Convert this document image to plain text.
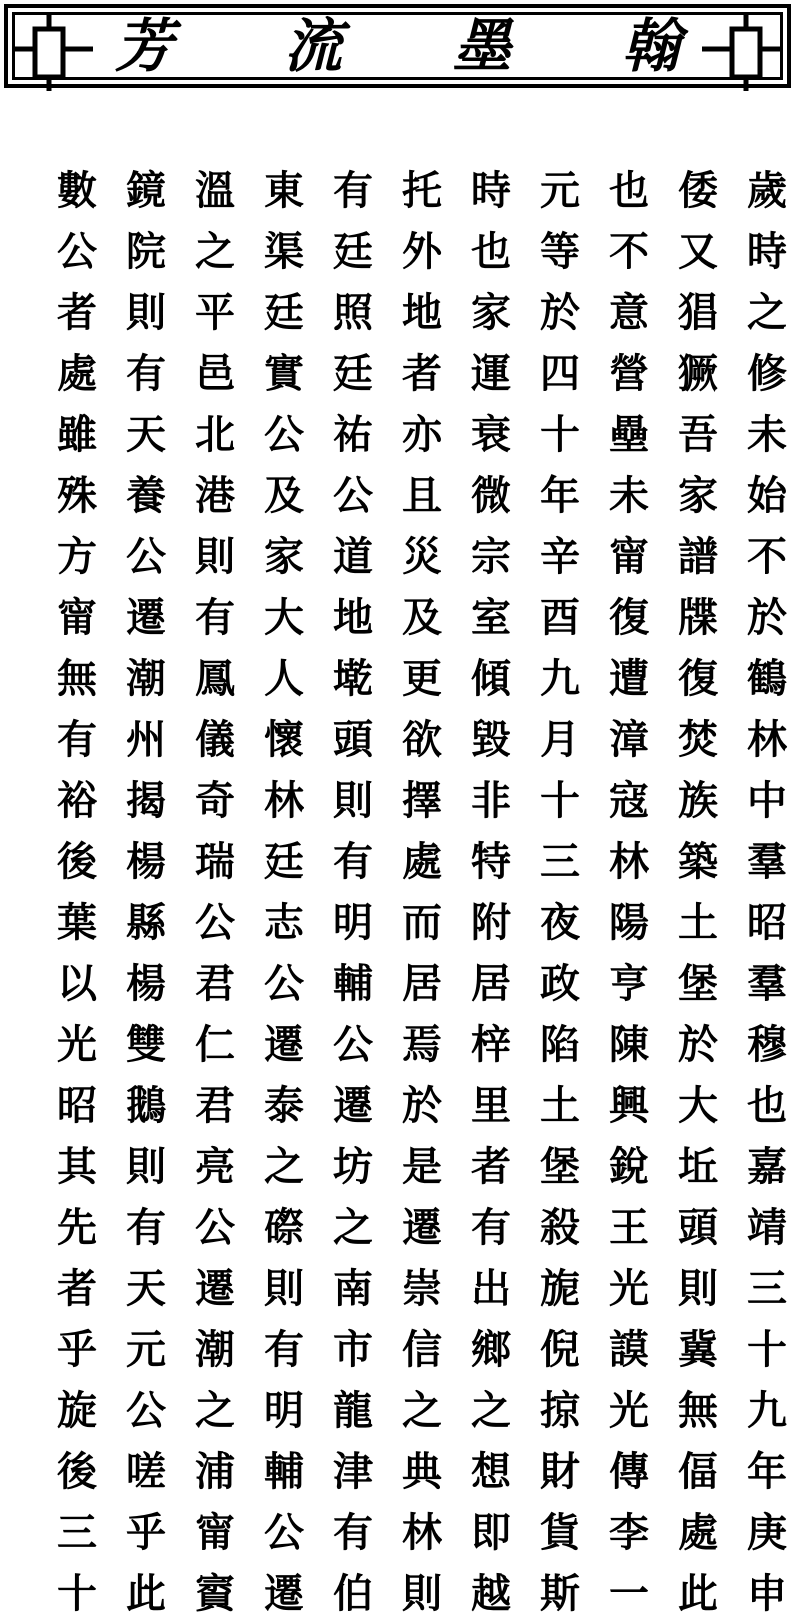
芳 流 墨 翰
歲
時
之
修
未
始
不
於
鶴
林
中
羣
昭
羣
穆
也
嘉
靖
三
十
九
年
庚
申
倭
又
猖
獗
吾
家
譜
牒
復
焚
族
築
土
堡
於
大
坵
頭
則
冀
無
偪
處
此
也
不
意
營
壘
未
甯
復
遭
漳
寇
林
陽
亨
陳
興
銳
王
光
謨
光
傳
李
一
元
等
於
四
十
年
辛
酉
九
月
十
三
夜
政
陷
土
堡
殺
旎
倪
掠
財
貨
斯
時
也
家
運
衰
微
宗
室
傾
毀
非
特
附
居
梓
里
者
有
出
鄉
之
想
即
越
托
外
地
者
亦
且
災
及
更
欲
擇
處
而
居
焉
於
是
遷
崇
信
之
典
林
則
有
廷
照
廷
祐
公
道
地
墘
頭
則
有
明
輔
公
遷
坊
之
南
市
龍
津
有
伯
東
渠
廷
實
公
及
家
大
人
懷
林
廷
志
公
遷
泰
之
磜
則
有
明
輔
公
遷
溫
之
平
邑
北
港
則
有
鳳
儀
奇
瑞
公
君
仁
君
亮
公
遷
潮
之
浦
甯
賨
鏡
院
則
有
天
養
公
遷
潮
州
揭
楊
縣
楊
雙
鵝
則
有
天
元
公
嗟
乎
此
數
公
者
處
雖
殊
方
甯
無
有
裕
後
葉
以
光
昭
其
先
者
乎
旋
後
三
十
